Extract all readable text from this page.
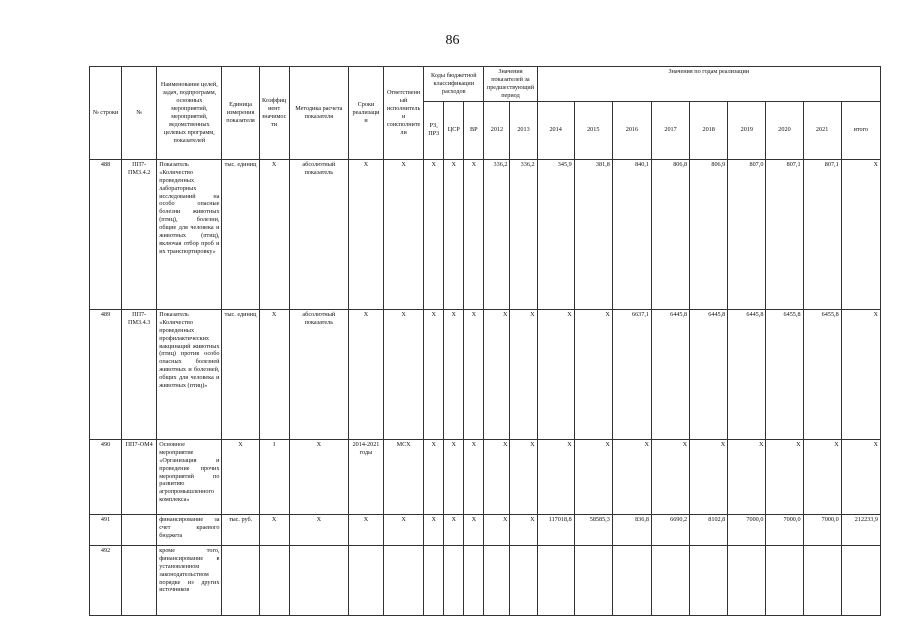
86
№ строки	№	Наименование целей, задач, подпрограмм, основных мероприятий, мероприятий, ведомственных целевых программ, показателей	Единица измерения показателя	Коэффициент значимости	Методика расчета показателя	Сроки реализации	Ответственный исполнитель и соисполнители	Коды бюджетной классификации расходов			Значения показателей за предшествующий период		Значения по годам реализации								
								РЗ, ПР3	ЦСР	ВР	2012	2013	2014	2015	2016	2017	2018	2019	2020	2021	итого
488	ПП7-ПМ3.4.2	Показатель «Количество проведенных лабораторных исследований на особо опасные болезни животных (птиц), болезни, общие для человека и животных (птиц), включая отбор проб и их транспортировку»	тыс. единиц	X	абсолютный показатель	X	X	X	X	X	336,2	336,2	345,9	381,8	840,1	806,8	806,9	807,0	807,1	807,1	X
489	ПП7-ПМ3.4.3	Показатель «Количество проведенных профилактических вакцинаций животных (птиц) против особо опасных болезней животных и болезней, общих для человека и животных (птиц)»	тыс. единиц	X	абсолютный показатель	X	X	X	X	X	X	X	X	X	6637,1	6445,8	6445,8	6445,8	6455,8	6455,8	X
490	ПП7-ОМ4	Основное мероприятие «Организация и проведение прочих мероприятий по развитию агропромышленного комплекса»	X	I	X	2014-2021 годы	МСХ	X	X	X	X	X	X	X	X	X	X	X	X	X	X
491		финансирование за счет краевого бюджета	тыс. руб.	X	X	X	X	X	X	X	X	X	117018,8	58585,3	836,8	6690,2	8102,8	7000,0	7000,0	7000,0	212233,9
492		кроме того, финансирование в установленном законодательством порядке из других источников																			
